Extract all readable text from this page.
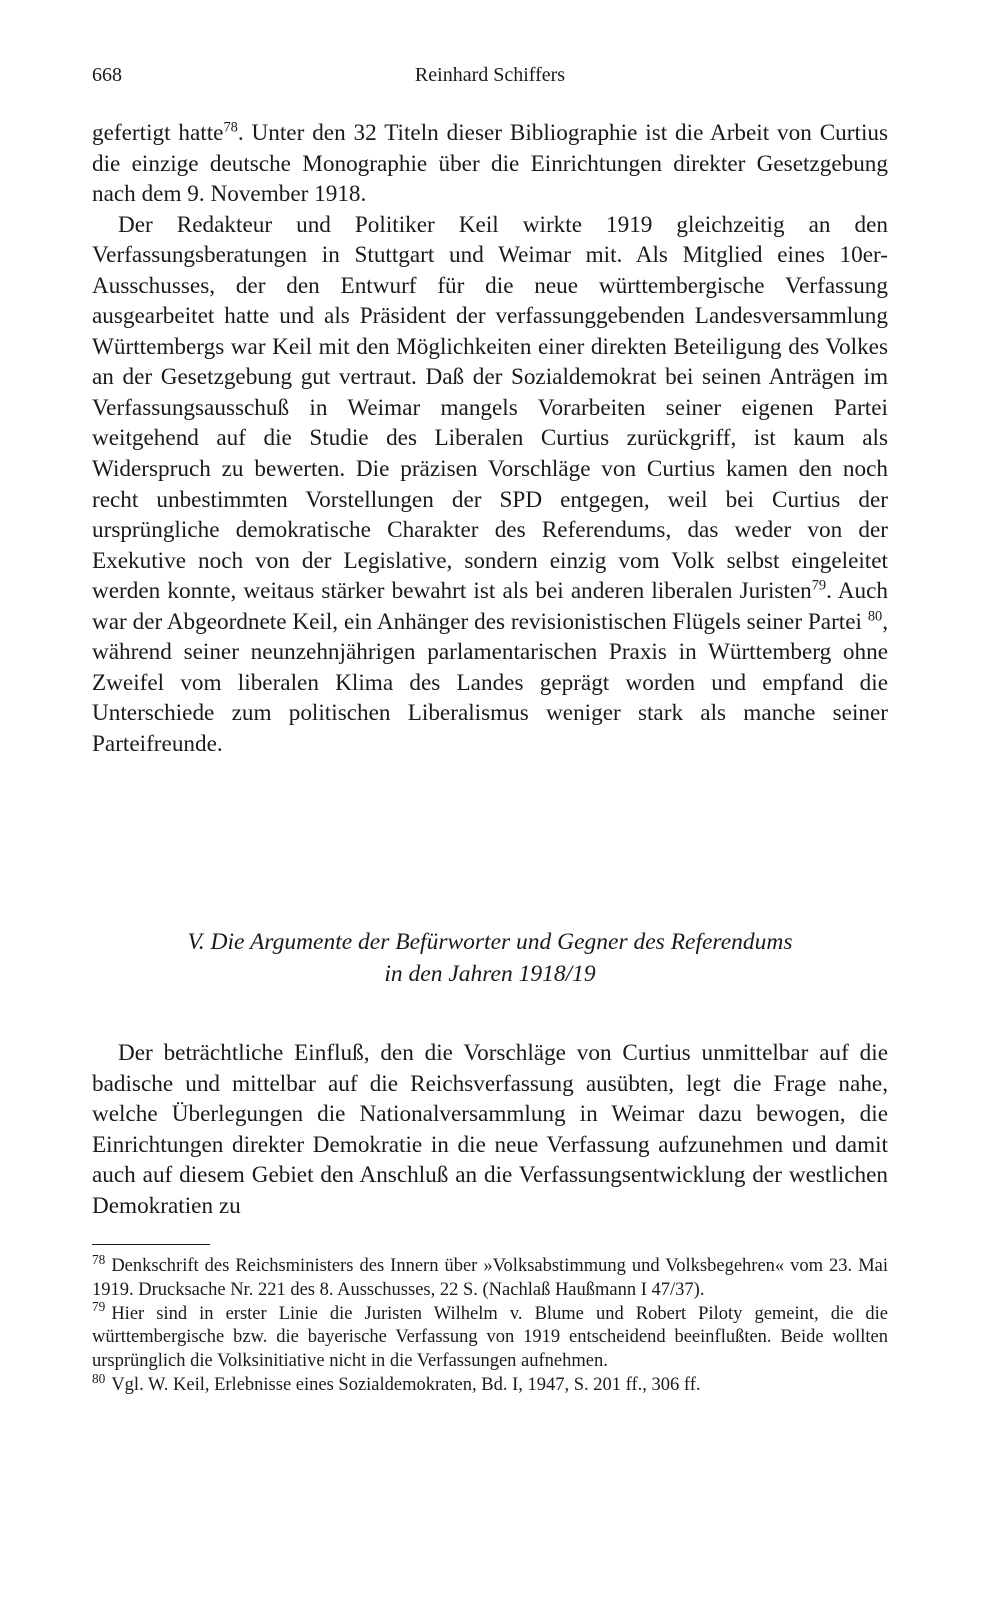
668	Reinhard Schiffers

gefertigt hatte$^{78}$. Unter den 32 Titeln dieser Bibliographie ist die Arbeit von Curtius die einzige deutsche Monographie über die Einrichtungen direkter Gesetzgebung nach dem 9. November 1918.

Der Redakteur und Politiker Keil wirkte 1919 gleichzeitig an den Verfassungsberatungen in Stuttgart und Weimar mit. Als Mitglied eines 10er-Ausschusses, der den Entwurf für die neue württembergische Verfassung ausgearbeitet hatte und als Präsident der verfassunggebenden Landesversammlung Württembergs war Keil mit den Möglichkeiten einer direkten Beteiligung des Volkes an der Gesetzgebung gut vertraut. Daß der Sozialdemokrat bei seinen Anträgen im Verfassungsausschuß in Weimar mangels Vorarbeiten seiner eigenen Partei weitgehend auf die Studie des Liberalen Curtius zurückgriff, ist kaum als Widerspruch zu bewerten. Die präzisen Vorschläge von Curtius kamen den noch recht unbestimmten Vorstellungen der SPD entgegen, weil bei Curtius der ursprüngliche demokratische Charakter des Referendums, das weder von der Exekutive noch von der Legislative, sondern einzig vom Volk selbst eingeleitet werden konnte, weitaus stärker bewahrt ist als bei anderen liberalen Juristen$^{79}$. Auch war der Abgeordnete Keil, ein Anhänger des revisionistischen Flügels seiner Partei $^{80}$, während seiner neunzehnjährigen parlamentarischen Praxis in Württemberg ohne Zweifel vom liberalen Klima des Landes geprägt worden und empfand die Unterschiede zum politischen Liberalismus weniger stark als manche seiner Parteifreunde.

V. Die Argumente der Befürworter und Gegner des Referendums
in den Jahren 1918/19

Der beträchtliche Einfluß, den die Vorschläge von Curtius unmittelbar auf die badische und mittelbar auf die Reichsverfassung ausübten, legt die Frage nahe, welche Überlegungen die Nationalversammlung in Weimar dazu bewogen, die Einrichtungen direkter Demokratie in die neue Verfassung aufzunehmen und damit auch auf diesem Gebiet den Anschluß an die Verfassungsentwicklung der westlichen Demokratien zu

$^{78}$ Denkschrift des Reichsministers des Innern über »Volksabstimmung und Volksbegehren« vom 23. Mai 1919. Drucksache Nr. 221 des 8. Ausschusses, 22 S. (Nachlaß Haußmann I 47/37).

$^{79}$ Hier sind in erster Linie die Juristen Wilhelm v. Blume und Robert Piloty gemeint, die die württembergische bzw. die bayerische Verfassung von 1919 entscheidend beeinflußten. Beide wollten ursprünglich die Volksinitiative nicht in die Verfassungen aufnehmen.

$^{80}$ Vgl. W. Keil, Erlebnisse eines Sozialdemokraten, Bd. I, 1947, S. 201 ff., 306 ff.
